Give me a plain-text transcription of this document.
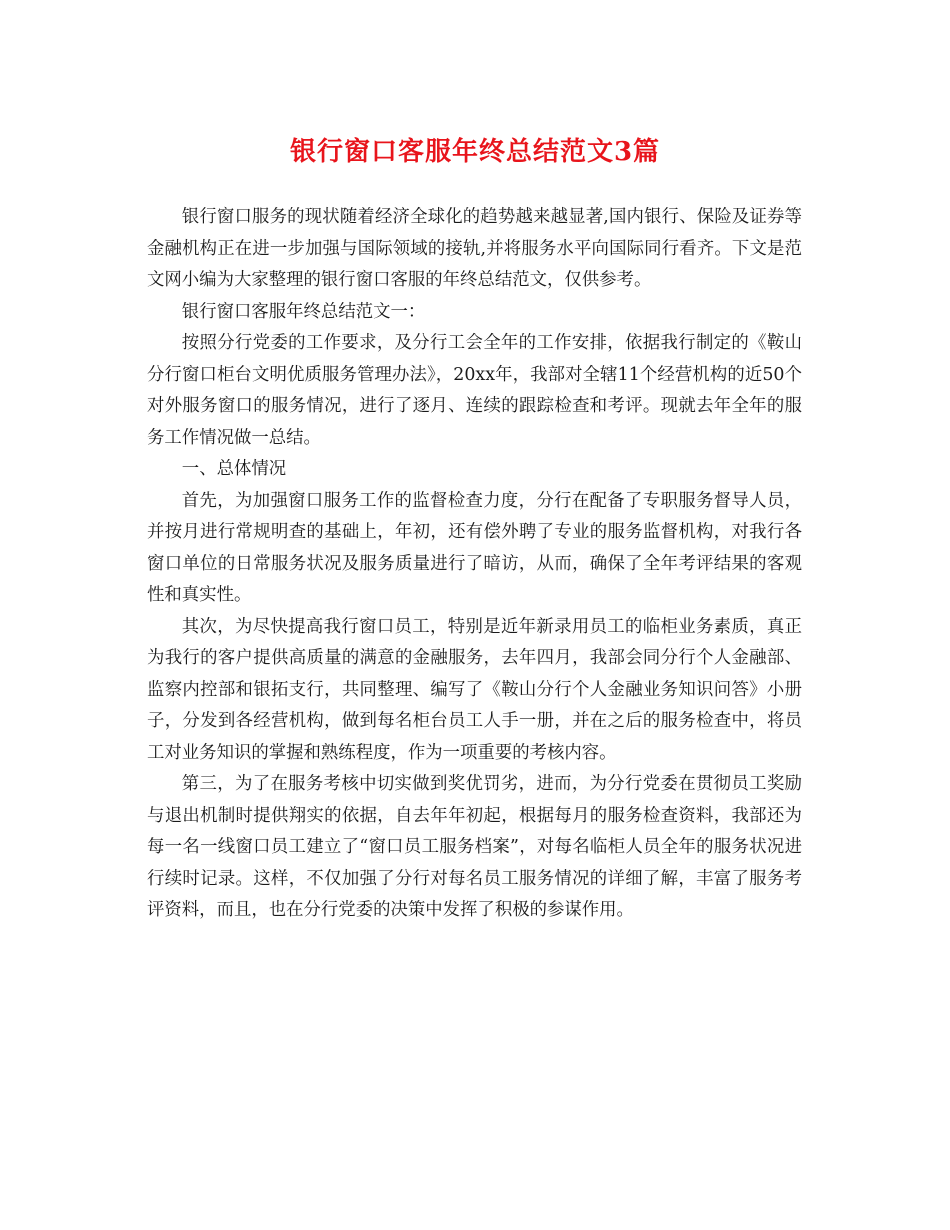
银行窗口客服年终总结范文3篇

银行窗口服务的现状随着经济全球化的趋势越来越显著,国内银行、保险及证券等金融机构正在进一步加强与国际领域的接轨,并将服务水平向国际同行看齐。下文是范文网小编为大家整理的银行窗口客服的年终总结范文，仅供参考。

银行窗口客服年终总结范文一：

按照分行党委的工作要求，及分行工会全年的工作安排，依据我行制定的《鞍山分行窗口柜台文明优质服务管理办法》，20xx年，我部对全辖11个经营机构的近50个对外服务窗口的服务情况，进行了逐月、连续的跟踪检查和考评。现就去年全年的服务工作情况做一总结。

一、总体情况

首先，为加强窗口服务工作的监督检查力度，分行在配备了专职服务督导人员，并按月进行常规明查的基础上，年初，还有偿外聘了专业的服务监督机构，对我行各窗口单位的日常服务状况及服务质量进行了暗访，从而，确保了全年考评结果的客观性和真实性。

其次，为尽快提高我行窗口员工，特别是近年新录用员工的临柜业务素质，真正为我行的客户提供高质量的满意的金融服务，去年四月，我部会同分行个人金融部、监察内控部和银拓支行，共同整理、编写了《鞍山分行个人金融业务知识问答》小册子，分发到各经营机构，做到每名柜台员工人手一册，并在之后的服务检查中，将员工对业务知识的掌握和熟练程度，作为一项重要的考核内容。

第三，为了在服务考核中切实做到奖优罚劣，进而，为分行党委在贯彻员工奖励与退出机制时提供翔实的依据，自去年年初起，根据每月的服务检查资料，我部还为每一名一线窗口员工建立了“窗口员工服务档案”，对每名临柜人员全年的服务状况进行续时记录。这样，不仅加强了分行对每名员工服务情况的详细了解，丰富了服务考评资料，而且，也在分行党委的决策中发挥了积极的参谋作用。
